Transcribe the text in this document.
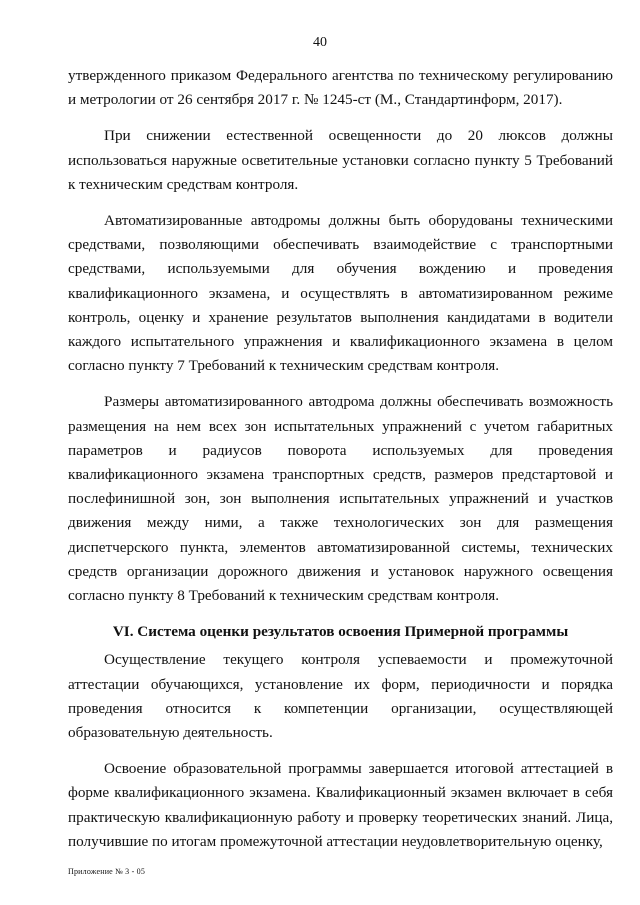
40

утвержденного приказом Федерального агентства по техническому регулированию и метрологии от 26 сентября 2017 г. № 1245-ст (М., Стандартинформ, 2017).

При снижении естественной освещенности до 20 люксов должны использоваться наружные осветительные установки согласно пункту 5 Требований к техническим средствам контроля.

Автоматизированные автодромы должны быть оборудованы техническими средствами, позволяющими обеспечивать взаимодействие с транспортными средствами, используемыми для обучения вождению и проведения квалификационного экзамена, и осуществлять в автоматизированном режиме контроль, оценку и хранение результатов выполнения кандидатами в водители каждого испытательного упражнения и квалификационного экзамена в целом согласно пункту 7 Требований к техническим средствам контроля.

Размеры автоматизированного автодрома должны обеспечивать возможность размещения на нем всех зон испытательных упражнений с учетом габаритных параметров и радиусов поворота используемых для проведения квалификационного экзамена транспортных средств, размеров предстартовой и послефинишной зон, зон выполнения испытательных упражнений и участков движения между ними, а также технологических зон для размещения диспетчерского пункта, элементов автоматизированной системы, технических средств организации дорожного движения и установок наружного освещения согласно пункту 8 Требований к техническим средствам контроля.

VI. Система оценки результатов освоения Примерной программы

Осуществление текущего контроля успеваемости и промежуточной аттестации обучающихся, установление их форм, периодичности и порядка проведения относится к компетенции организации, осуществляющей образовательную деятельность.

Освоение образовательной программы завершается итоговой аттестацией в форме квалификационного экзамена. Квалификационный экзамен включает в себя практическую квалификационную работу и проверку теоретических знаний. Лица, получившие по итогам промежуточной аттестации неудовлетворительную оценку,

Приложение № 3 - 05
